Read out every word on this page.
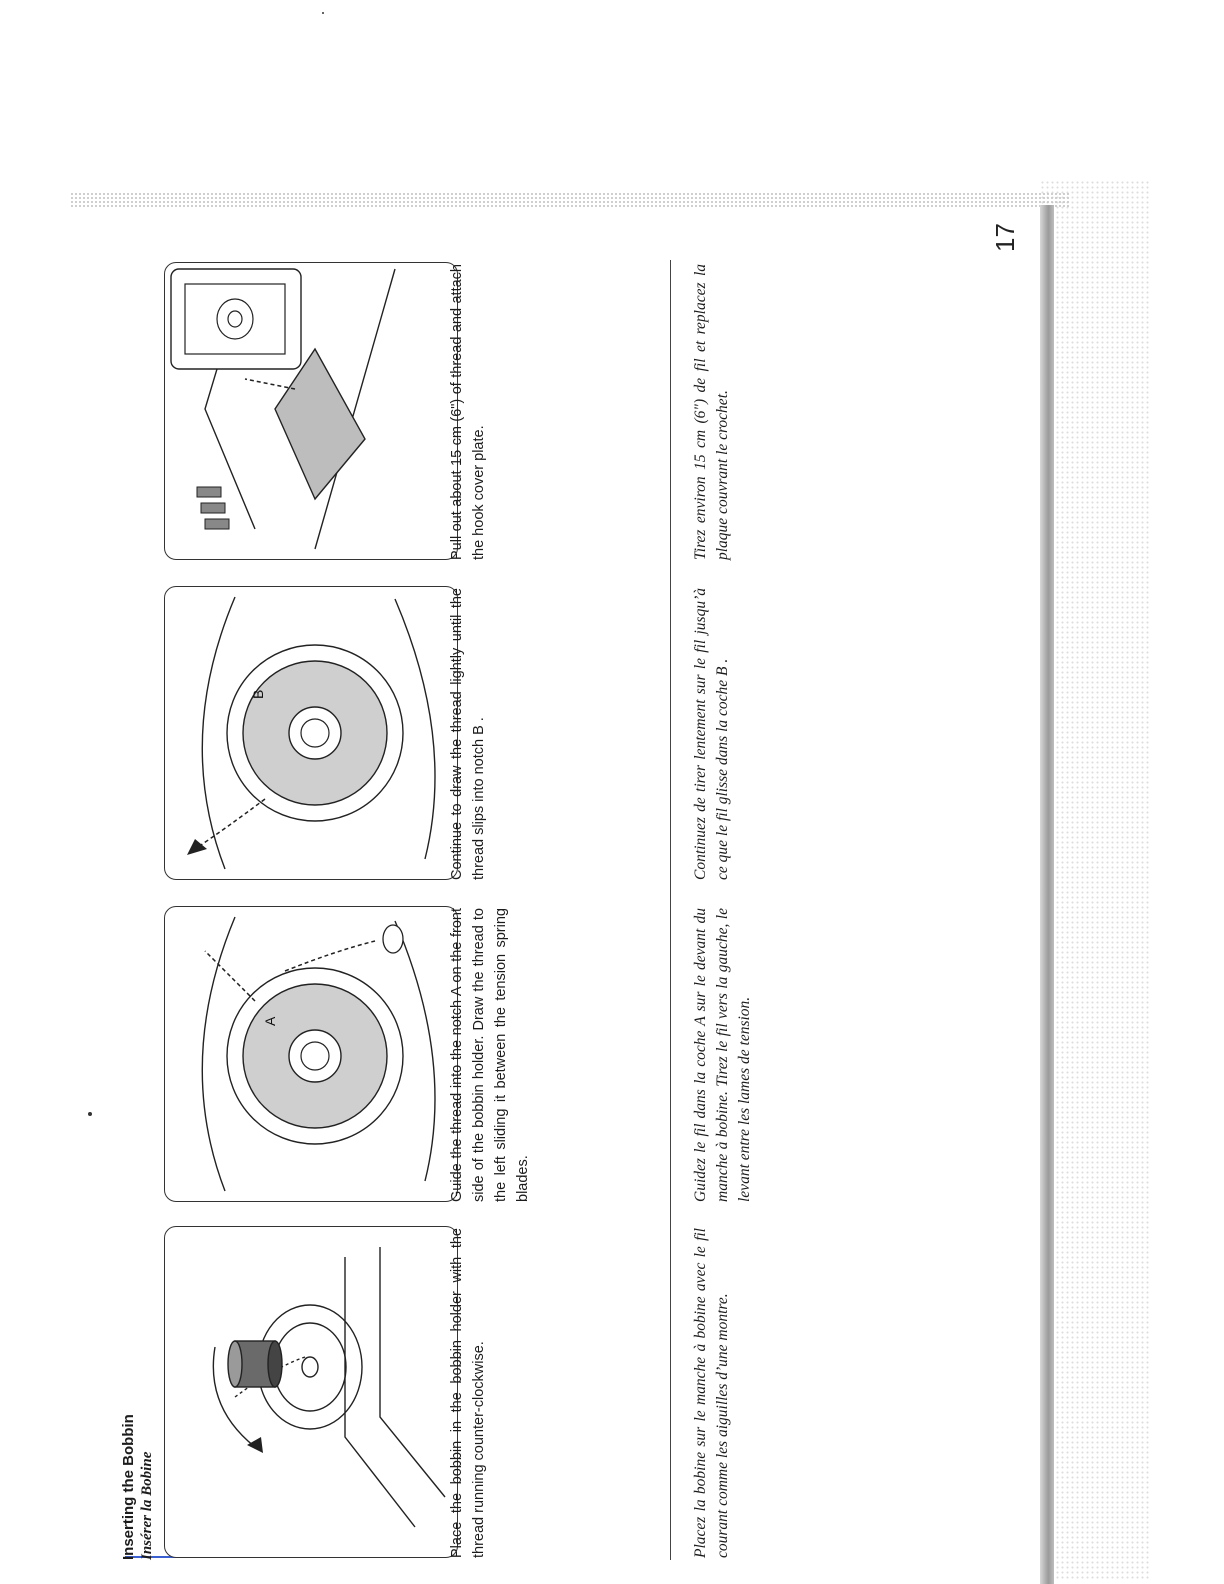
17
Inserting the Bobbin Insérer la Bobine
A
B

Place the bobbin in the bobbin holder with the thread running counter-clockwise.

Guide the thread into the notch A on the front side of the bobbin holder. Draw the thread to the left sliding it between the tension spring blades.

Continue to draw the thread lightly until the thread slips into notch B .

Pull out about 15 cm (6") of thread and attach the hook cover plate.

Placez la bobine sur le manche à bobine avec le fil courant comme les aiguilles d’une montre.

Guidez le fil dans la coche A sur le devant du manche à bobine. Tirez le fil vers la gauche, le levant entre les lames de tension.

Continuez de tirer lentement sur le fil jusqu’à ce que le fil glisse dans la coche B .

Tirez environ 15 cm (6") de fil et replacez la plaque couvrant le crochet.
